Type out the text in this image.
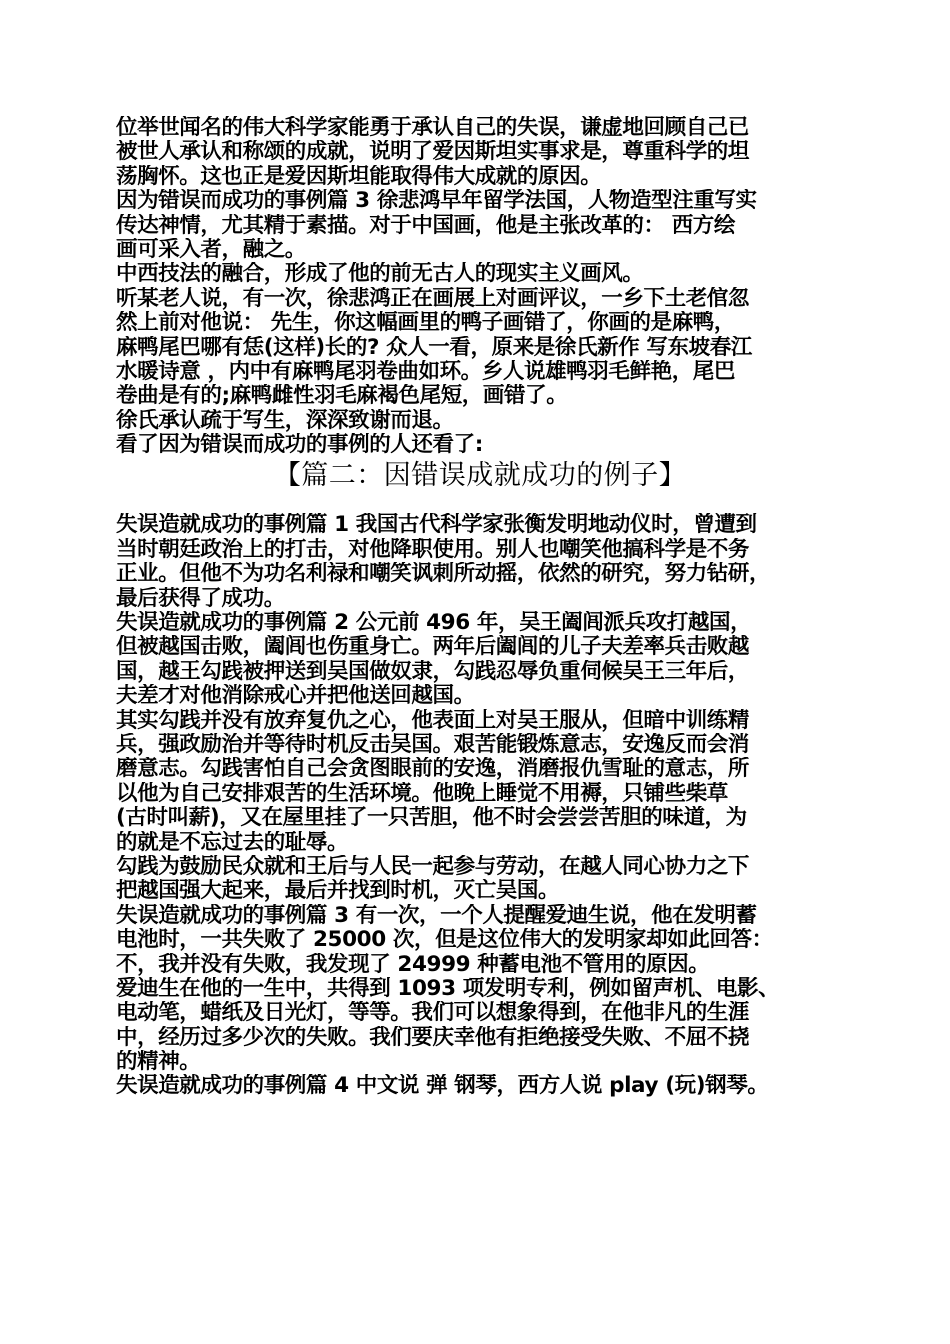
位举世闻名的伟大科学家能勇于承认自己的失误，谦虚地回顾自己已
被世人承认和称颂的成就，说明了爱因斯坦实事求是，尊重科学的坦
荡胸怀。这也正是爱因斯坦能取得伟大成就的原因。
因为错误而成功的事例篇 3 徐悲鸿早年留学法国，人物造型注重写实
传达神情，尤其精于素描。对于中国画，他是主张改革的： 西方绘
画可采入者，融之。
中西技法的融合，形成了他的前无古人的现实主义画风。
听某老人说，有一次，徐悲鸿正在画展上对画评议，一乡下土老倌忽
然上前对他说： 先生，你这幅画里的鸭子画错了，你画的是麻鸭，
麻鸭尾巴哪有恁(这样)长的? 众人一看，原来是徐氏新作 写东坡春江
水暖诗意 ，内中有麻鸭尾羽卷曲如环。乡人说雄鸭羽毛鲜艳，尾巴
卷曲是有的;麻鸭雌性羽毛麻褐色尾短，画错了。
徐氏承认疏于写生，深深致谢而退。
看了因为错误而成功的事例的人还看了:
【篇二：因错误成就成功的例子】
失误造就成功的事例篇 1 我国古代科学家张衡发明地动仪时，曾遭到
当时朝廷政治上的打击，对他降职使用。别人也嘲笑他搞科学是不务
正业。但他不为功名利禄和嘲笑讽刺所动摇，依然的研究，努力钻研，
最后获得了成功。
失误造就成功的事例篇 2 公元前 496 年，吴王阖闾派兵攻打越国，
但被越国击败，阖闾也伤重身亡。两年后阖闾的儿子夫差率兵击败越
国，越王勾践被押送到吴国做奴隶，勾践忍辱负重伺候吴王三年后，
夫差才对他消除戒心并把他送回越国。
其实勾践并没有放弃复仇之心，他表面上对吴王服从，但暗中训练精
兵，强政励治并等待时机反击吴国。艰苦能锻炼意志，安逸反而会消
磨意志。勾践害怕自己会贪图眼前的安逸，消磨报仇雪耻的意志，所
以他为自己安排艰苦的生活环境。他晚上睡觉不用褥，只铺些柴草
(古时叫薪)，又在屋里挂了一只苦胆，他不时会尝尝苦胆的味道，为
的就是不忘过去的耻辱。
勾践为鼓励民众就和王后与人民一起参与劳动，在越人同心协力之下
把越国强大起来，最后并找到时机，灭亡吴国。
失误造就成功的事例篇 3 有一次，一个人提醒爱迪生说，他在发明蓄
电池时，一共失败了 25000 次，但是这位伟大的发明家却如此回答：
不，我并没有失败，我发现了 24999 种蓄电池不管用的原因。
爱迪生在他的一生中，共得到 1093 项发明专利，例如留声机、电影、
电动笔，蜡纸及日光灯，等等。我们可以想象得到，在他非凡的生涯
中，经历过多少次的失败。我们要庆幸他有拒绝接受失败、不屈不挠
的精神。
失误造就成功的事例篇 4 中文说 弹 钢琴，西方人说 play (玩)钢琴。
